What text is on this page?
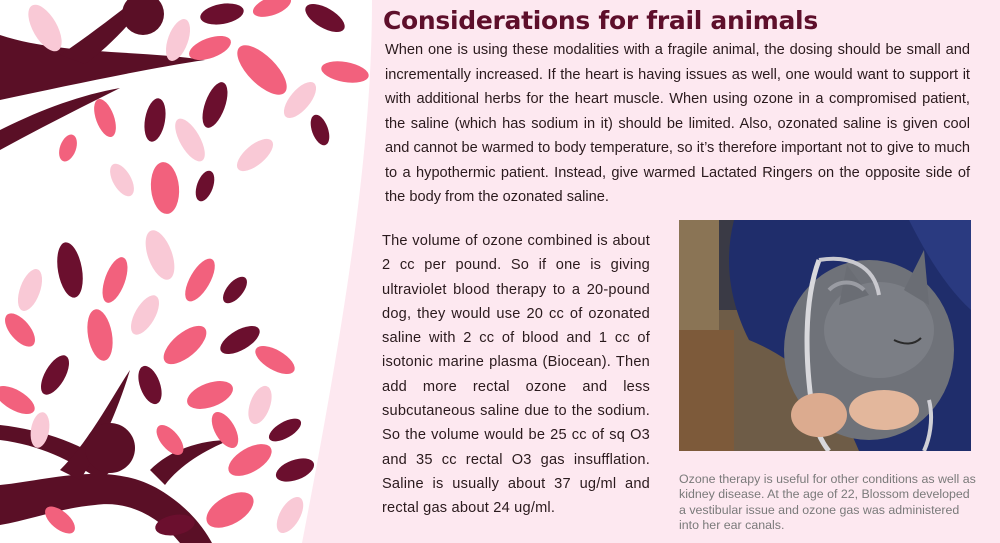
Considerations for frail animals

When one is using these modalities with a fragile animal, the dosing should be small and incrementally increased. If the heart is having issues as well, one would want to support it with additional herbs for the heart muscle. When using ozone in a compromised patient, the saline (which has sodium in it) should be limited. Also, ozonated saline is given cool and cannot be warmed to body temperature, so it’s therefore important not to give to much to a hypothermic patient. Instead, give warmed Lactated Ringers on the opposite side of the body from the ozonated saline.

The volume of ozone combined is about 2 cc per pound. So if one is giving ultraviolet blood therapy to a 20-pound dog, they would use 20 cc of ozonated saline with 2 cc of blood and 1 cc of isotonic marine plasma (Biocean). Then add more rectal ozone and less subcutaneous saline due to the sodium. So the volume would be 25 cc of sq O3 and 35 cc rectal O3 gas insufflation. Saline is usually about 37 ug/ml and rectal gas about 24 ug/ml.

Ozone therapy is useful for other conditions as well as kidney disease. At the age of 22, Blossom developed a vestibular issue and ozone gas was administered into her ear canals.
